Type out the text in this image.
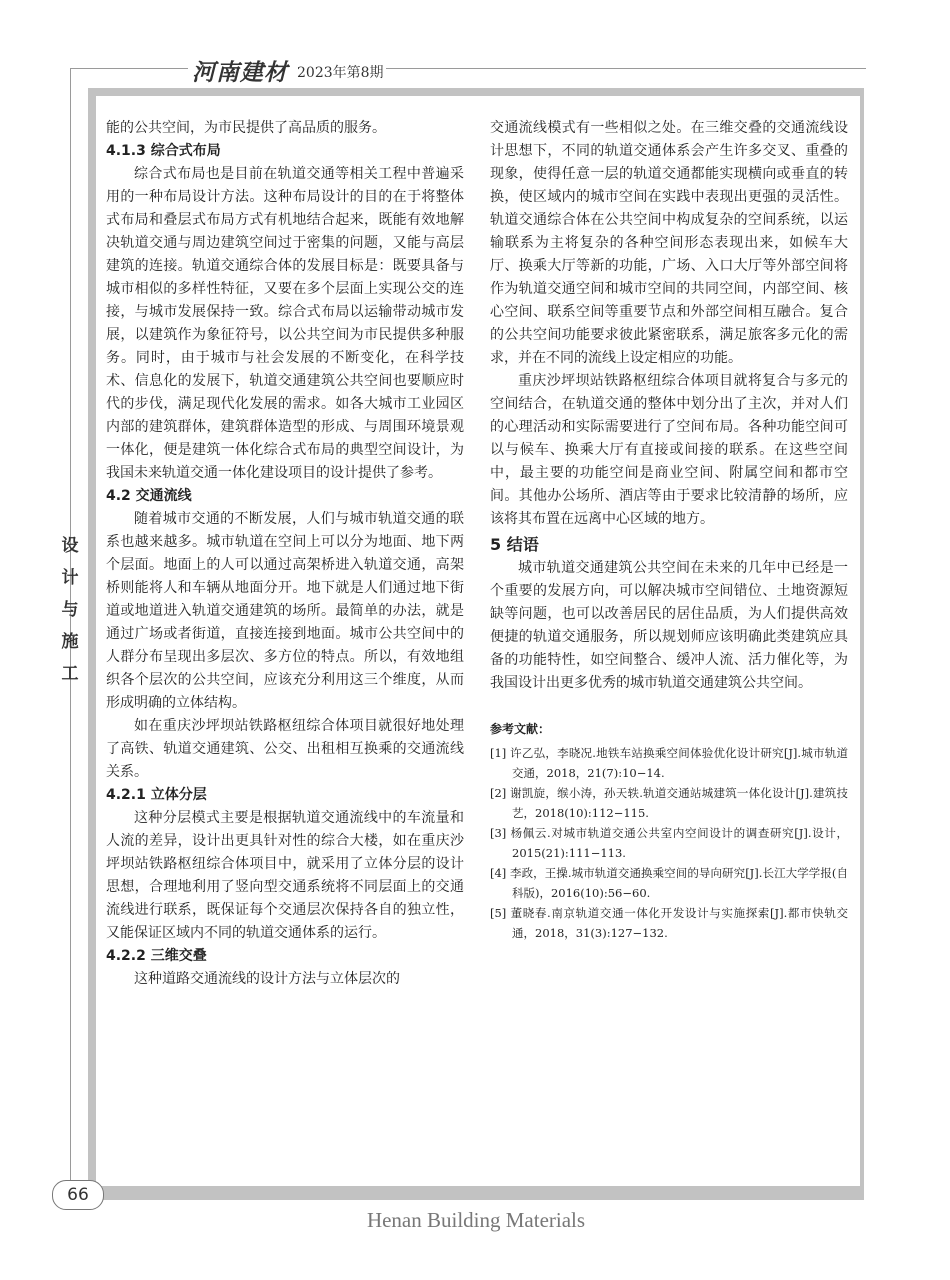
河南建材 2023年第8期
设
计
与
施
工

能的公共空间，为市民提供了高品质的服务。

4.1.3 综合式布局

综合式布局也是目前在轨道交通等相关工程中普遍采用的一种布局设计方法。这种布局设计的目的在于将整体式布局和叠层式布局方式有机地结合起来，既能有效地解决轨道交通与周边建筑空间过于密集的问题，又能与高层建筑的连接。轨道交通综合体的发展目标是：既要具备与城市相似的多样性特征，又要在多个层面上实现公交的连接，与城市发展保持一致。综合式布局以运输带动城市发展，以建筑作为象征符号，以公共空间为市民提供多种服务。同时，由于城市与社会发展的不断变化，在科学技术、信息化的发展下，轨道交通建筑公共空间也要顺应时代的步伐，满足现代化发展的需求。如各大城市工业园区内部的建筑群体，建筑群体造型的形成、与周围环境景观一体化，便是建筑一体化综合式布局的典型空间设计，为我国未来轨道交通一体化建设项目的设计提供了参考。

4.2 交通流线

随着城市交通的不断发展，人们与城市轨道交通的联系也越来越多。城市轨道在空间上可以分为地面、地下两个层面。地面上的人可以通过高架桥进入轨道交通，高架桥则能将人和车辆从地面分开。地下就是人们通过地下街道或地道进入轨道交通建筑的场所。最简单的办法，就是通过广场或者街道，直接连接到地面。城市公共空间中的人群分布呈现出多层次、多方位的特点。所以，有效地组织各个层次的公共空间，应该充分利用这三个维度，从而形成明确的立体结构。

如在重庆沙坪坝站铁路枢纽综合体项目就很好地处理了高铁、轨道交通建筑、公交、出租相互换乘的交通流线关系。

4.2.1 立体分层

这种分层模式主要是根据轨道交通流线中的车流量和人流的差异，设计出更具针对性的综合大楼，如在重庆沙坪坝站铁路枢纽综合体项目中，就采用了立体分层的设计思想，合理地利用了竖向型交通系统将不同层面上的交通流线进行联系，既保证每个交通层次保持各自的独立性，又能保证区域内不同的轨道交通体系的运行。

4.2.2 三维交叠

这种道路交通流线的设计方法与立体层次的

交通流线模式有一些相似之处。在三维交叠的交通流线设计思想下，不同的轨道交通体系会产生许多交叉、重叠的现象，使得任意一层的轨道交通都能实现横向或垂直的转换，使区域内的城市空间在实践中表现出更强的灵活性。轨道交通综合体在公共空间中构成复杂的空间系统，以运输联系为主将复杂的各种空间形态表现出来，如候车大厅、换乘大厅等新的功能，广场、入口大厅等外部空间将作为轨道交通空间和城市空间的共同空间，内部空间、核心空间、联系空间等重要节点和外部空间相互融合。复合的公共空间功能要求彼此紧密联系，满足旅客多元化的需求，并在不同的流线上设定相应的功能。

重庆沙坪坝站铁路枢纽综合体项目就将复合与多元的空间结合，在轨道交通的整体中划分出了主次，并对人们的心理活动和实际需要进行了空间布局。各种功能空间可以与候车、换乘大厅有直接或间接的联系。在这些空间中，最主要的功能空间是商业空间、附属空间和都市空间。其他办公场所、酒店等由于要求比较清静的场所，应该将其布置在远离中心区域的地方。

5 结语

城市轨道交通建筑公共空间在未来的几年中已经是一个重要的发展方向，可以解决城市空间错位、土地资源短缺等问题，也可以改善居民的居住品质，为人们提供高效便捷的轨道交通服务，所以规划师应该明确此类建筑应具备的功能特性，如空间整合、缓冲人流、活力催化等，为我国设计出更多优秀的城市轨道交通建筑公共空间。

参考文献：

[1] 许乙弘，李晓况.地铁车站换乘空间体验优化设计研究[J].城市轨道交通，2018，21(7):10−14.

[2] 谢凯旋，缑小涛，孙天轶.轨道交通站城建筑一体化设计[J].建筑技艺，2018(10):112−115.

[3] 杨佩云.对城市轨道交通公共室内空间设计的调查研究[J].设计，2015(21):111−113.

[4] 李政，王操.城市轨道交通换乘空间的导向研究[J].长江大学学报(自科版)，2016(10):56−60.

[5] 董晓春.南京轨道交通一体化开发设计与实施探索[J].都市快轨交通，2018，31(3):127−132.

66
Henan Building Materials
